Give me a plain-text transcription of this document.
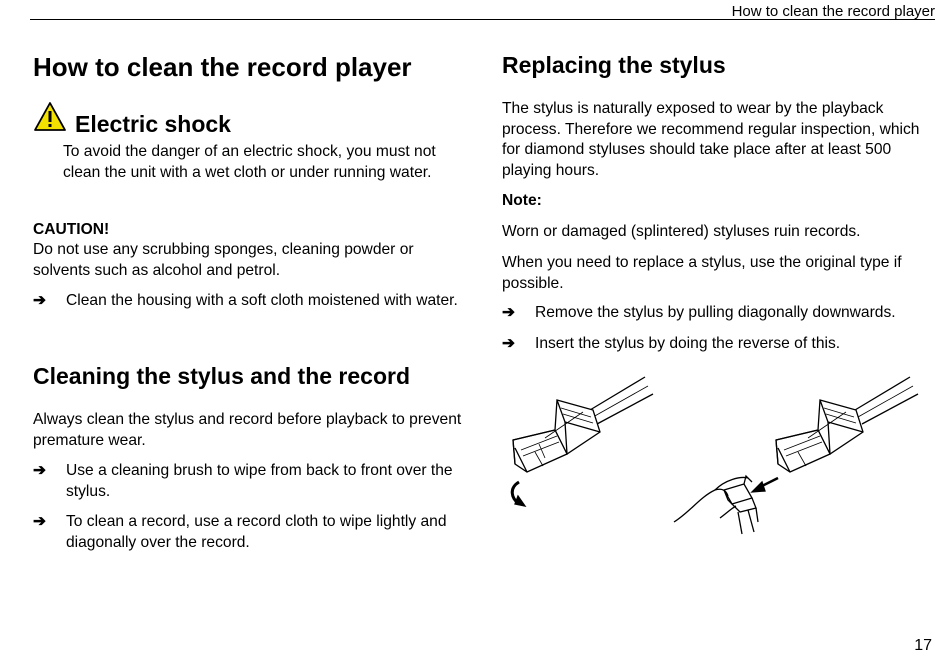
How to clean the record player
How to clean the record player
Electric shock

To avoid the danger of an electric shock, you must not clean the unit with a wet cloth or under running water.

CAUTION!

Do not use any scrubbing sponges, cleaning powder or solvents such as alcohol and petrol.

➔	Clean the housing with a soft cloth moistened with water.
Cleaning the stylus and the record

Always clean the stylus and record before playback to prevent premature wear.

➔	Use a cleaning brush to wipe from back to front over the stylus.
➔	To clean a record, use a record cloth to wipe lightly and diagonally over the record.
Replacing the stylus

The stylus is naturally exposed to wear by the playback process. Therefore we recommend regular inspection, which for diamond styluses should take place after at least 500 playing hours.

Note:

Worn or damaged (splintered) styluses ruin records.

When you need to replace a stylus, use the original type if possible.

➔	Remove the stylus by pulling diagonally downwards.
➔	Insert the stylus by doing the reverse of this.
17
